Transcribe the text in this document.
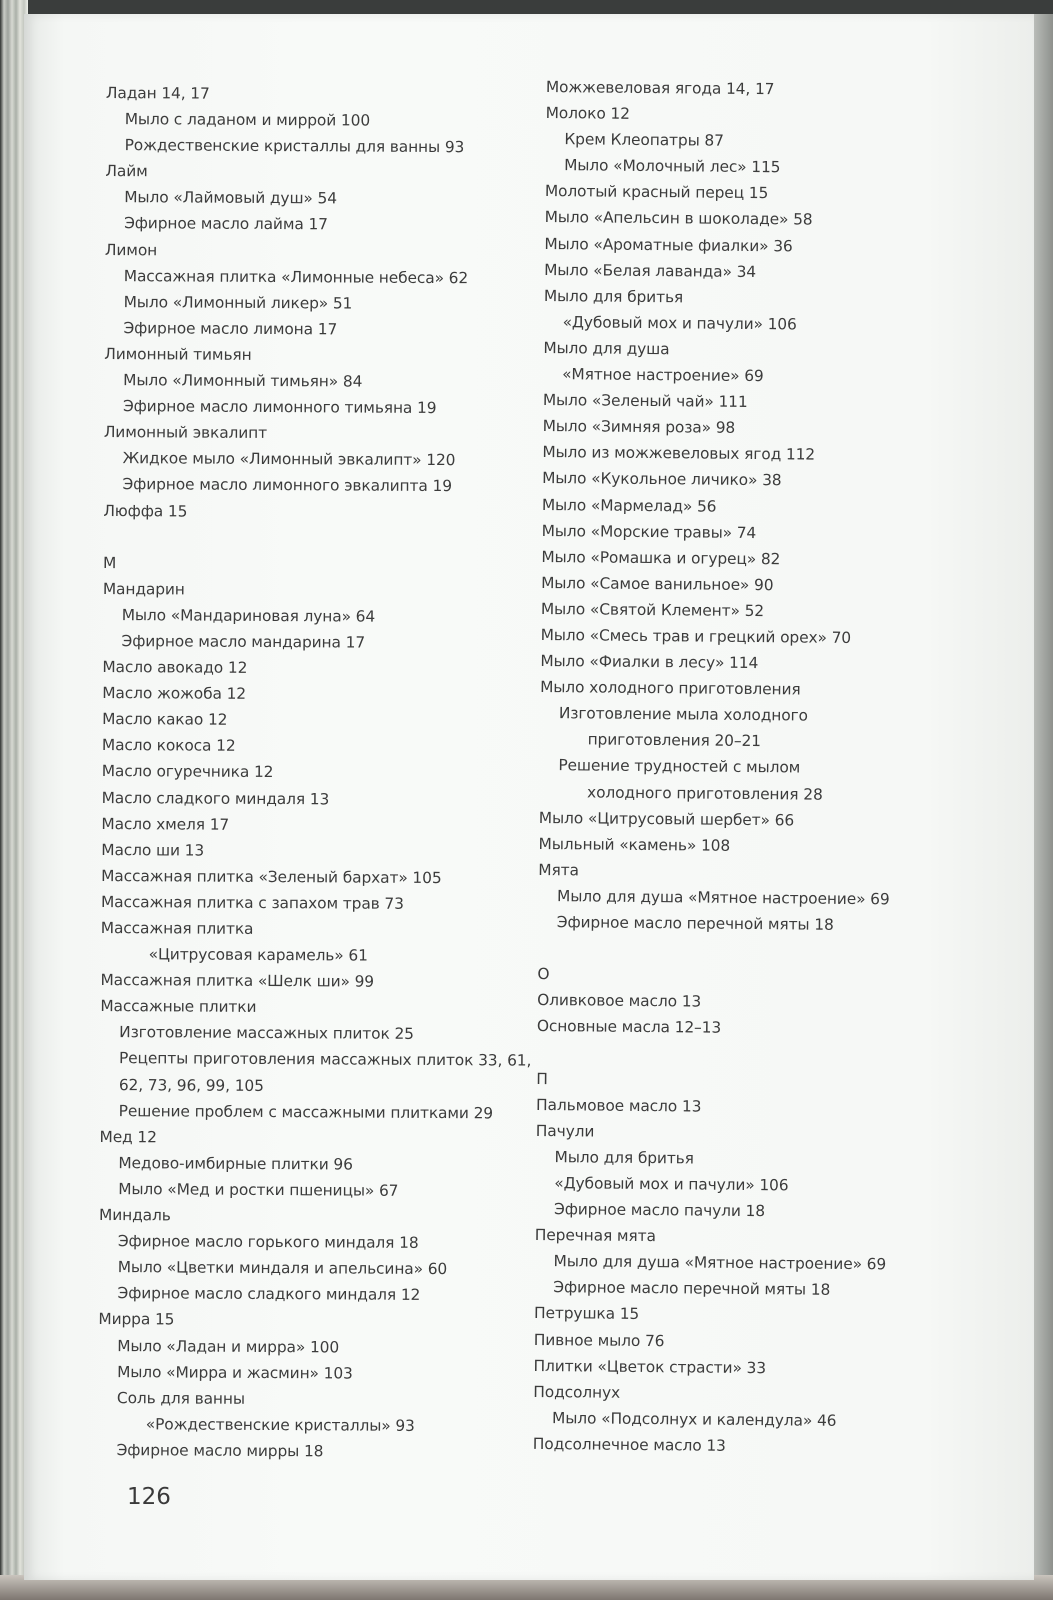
Ладан 14, 17
Мыло с ладаном и миррой 100
Рождественские кристаллы для ванны 93
Лайм
Мыло «Лаймовый душ» 54
Эфирное масло лайма 17
Лимон
Массажная плитка «Лимонные небеса» 62
Мыло «Лимонный ликер» 51
Эфирное масло лимона 17
Лимонный тимьян
Мыло «Лимонный тимьян» 84
Эфирное масло лимонного тимьяна 19
Лимонный эвкалипт
Жидкое мыло «Лимонный эвкалипт» 120
Эфирное масло лимонного эвкалипта 19
Люффа 15
М
Мандарин
Мыло «Мандариновая луна» 64
Эфирное масло мандарина 17
Масло авокадо 12
Масло жожоба 12
Масло какао 12
Масло кокоса 12
Масло огуречника 12
Масло сладкого миндаля 13
Масло хмеля 17
Масло ши 13
Массажная плитка «Зеленый бархат» 105
Массажная плитка с запахом трав 73
Массажная плитка
«Цитрусовая карамель» 61
Массажная плитка «Шелк ши» 99
Массажные плитки
Изготовление массажных плиток 25
Рецепты приготовления массажных плиток 33, 61,
62, 73, 96, 99, 105
Решение проблем с массажными плитками 29
Мед 12
Медово-имбирные плитки 96
Мыло «Мед и ростки пшеницы» 67
Миндаль
Эфирное масло горького миндаля 18
Мыло «Цветки миндаля и апельсина» 60
Эфирное масло сладкого миндаля 12
Мирра 15
Мыло «Ладан и мирра» 100
Мыло «Мирра и жасмин» 103
Соль для ванны
«Рождественские кристаллы» 93
Эфирное масло мирры 18
Можжевеловая ягода 14, 17
Молоко 12
Крем Клеопатры 87
Мыло «Молочный лес» 115
Молотый красный перец 15
Мыло «Апельсин в шоколаде» 58
Мыло «Ароматные фиалки» 36
Мыло «Белая лаванда» 34
Мыло для бритья
«Дубовый мох и пачули» 106
Мыло для душа
«Мятное настроение» 69
Мыло «Зеленый чай» 111
Мыло «Зимняя роза» 98
Мыло из можжевеловых ягод 112
Мыло «Кукольное личико» 38
Мыло «Мармелад» 56
Мыло «Морские травы» 74
Мыло «Ромашка и огурец» 82
Мыло «Самое ванильное» 90
Мыло «Святой Клемент» 52
Мыло «Смесь трав и грецкий орех» 70
Мыло «Фиалки в лесу» 114
Мыло холодного приготовления
Изготовление мыла холодного
приготовления 20–21
Решение трудностей с мылом
холодного приготовления 28
Мыло «Цитрусовый шербет» 66
Мыльный «камень» 108
Мята
Мыло для душа «Мятное настроение» 69
Эфирное масло перечной мяты 18
О
Оливковое масло 13
Основные масла 12–13
П
Пальмовое масло 13
Пачули
Мыло для бритья
«Дубовый мох и пачули» 106
Эфирное масло пачули 18
Перечная мята
Мыло для душа «Мятное настроение» 69
Эфирное масло перечной мяты 18
Петрушка 15
Пивное мыло 76
Плитки «Цветок страсти» 33
Подсолнух
Мыло «Подсолнух и календула» 46
Подсолнечное масло 13
126
